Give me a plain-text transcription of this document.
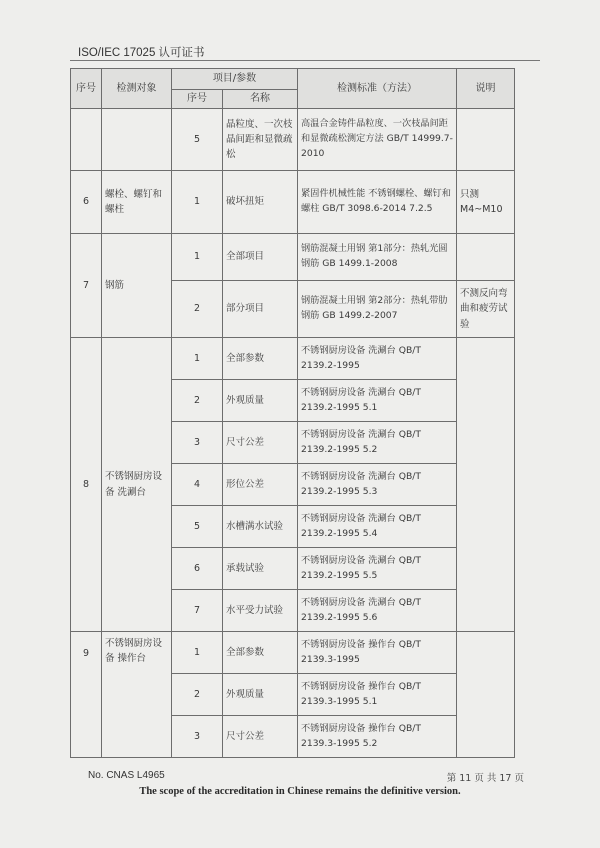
ISO/IEC 17025 认可证书
序号	检测对象	项目/参数		检测标准（方法）	说明
		序号	名称		
		5	晶粒度、一次枝晶间距和显微疏松	高温合金铸件晶粒度、一次枝晶间距和显微疏松测定方法 GB/T 14999.7-2010	
6	螺栓、螺钉和螺柱	1	破坏扭矩	紧固件机械性能 不锈钢螺栓、螺钉和螺柱 GB/T 3098.6-2014 7.2.5	只测M4~M10
7	钢筋	1	全部项目	钢筋混凝土用钢 第1部分：热轧光圆钢筋 GB 1499.1-2008	
		2	部分项目	钢筋混凝土用钢 第2部分：热轧带肋钢筋 GB 1499.2-2007	不测反向弯曲和疲劳试验
8	不锈钢厨房设备 洗涮台	1	全部参数	不锈钢厨房设备 洗涮台 QB/T 2139.2-1995	
		2	外观质量	不锈钢厨房设备 洗涮台 QB/T 2139.2-1995 5.1	
		3	尺寸公差	不锈钢厨房设备 洗涮台 QB/T 2139.2-1995 5.2	
		4	形位公差	不锈钢厨房设备 洗涮台 QB/T 2139.2-1995 5.3	
		5	水槽满水试验	不锈钢厨房设备 洗涮台 QB/T 2139.2-1995 5.4	
		6	承载试验	不锈钢厨房设备 洗涮台 QB/T 2139.2-1995 5.5	
		7	水平受力试验	不锈钢厨房设备 洗涮台 QB/T 2139.2-1995 5.6	
9	不锈钢厨房设备 操作台	1	全部参数	不锈钢厨房设备 操作台 QB/T 2139.3-1995	
		2	外观质量	不锈钢厨房设备 操作台 QB/T 2139.3-1995 5.1	
		3	尺寸公差	不锈钢厨房设备 操作台 QB/T 2139.3-1995 5.2	
No. CNAS L4965	第 11 页 共 17 页
The scope of the accreditation in Chinese remains the definitive version.
